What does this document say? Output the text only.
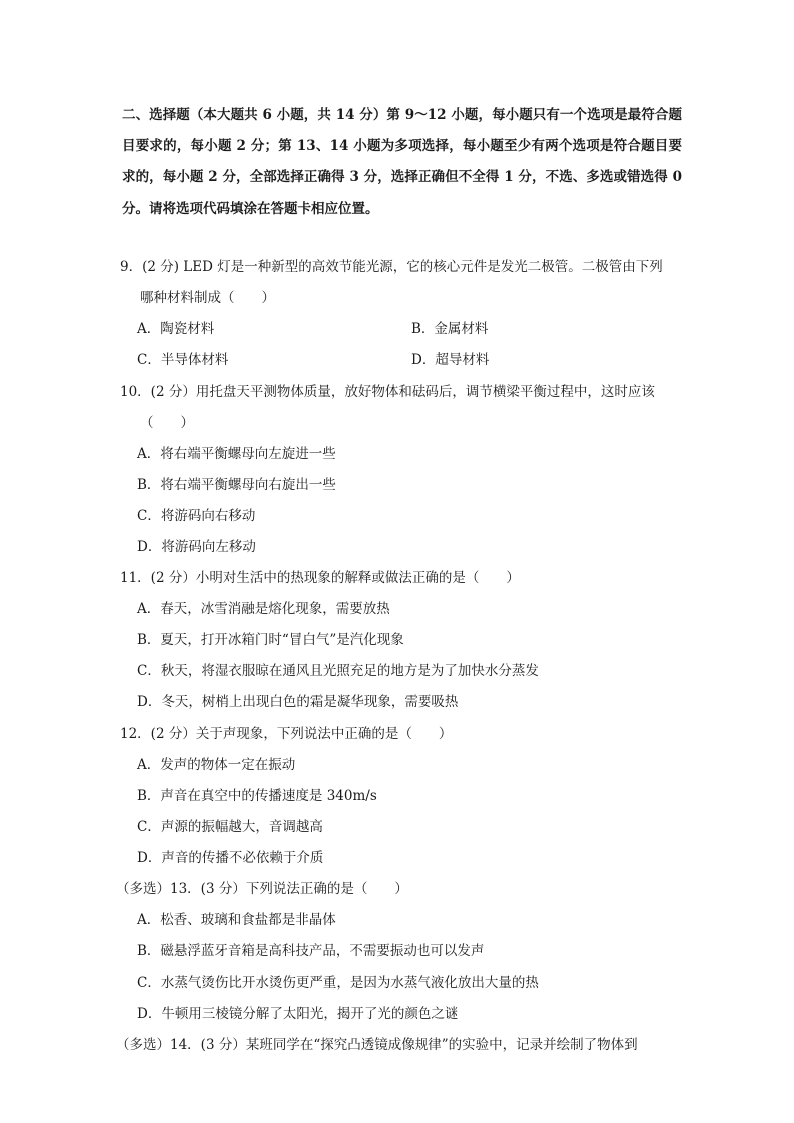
二、选择题（本大题共 6 小题，共 14 分）第 9～12 小题，每小题只有一个选项是最符合题目要求的，每小题 2 分；第 13、14 小题为多项选择，每小题至少有两个选项是符合题目要求的，每小题 2 分，全部选择正确得 3 分，选择正确但不全得 1 分，不选、多选或错选得 0 分。请将选项代码填涂在答题卡相应位置。
9．(2 分) LED 灯是一种新型的高效节能光源，它的核心元件是发光二极管。二极管由下列
哪种材料制成（　　）
A．陶瓷材料	B．金属材料
C．半导体材料	D．超导材料
10．(2 分）用托盘天平测物体质量，放好物体和砝码后，调节横梁平衡过程中，这时应该
（　　）
A．将右端平衡螺母向左旋进一些
B．将右端平衡螺母向右旋出一些
C．将游码向右移动
D．将游码向左移动
11．(2 分）小明对生活中的热现象的解释或做法正确的是（　　）
A．春天，冰雪消融是熔化现象，需要放热
B．夏天，打开冰箱门时“冒白气”是汽化现象
C．秋天，将湿衣服晾在通风且光照充足的地方是为了加快水分蒸发
D．冬天，树梢上出现白色的霜是凝华现象，需要吸热
12．(2 分）关于声现象，下列说法中正确的是（　　）
A．发声的物体一定在振动
B．声音在真空中的传播速度是 340m/s
C．声源的振幅越大，音调越高
D．声音的传播不必依赖于介质
（多选）13．(3 分）下列说法正确的是（　　）
A．松香、玻璃和食盐都是非晶体
B．磁悬浮蓝牙音箱是高科技产品，不需要振动也可以发声
C．水蒸气烫伤比开水烫伤更严重，是因为水蒸气液化放出大量的热
D．牛顿用三棱镜分解了太阳光，揭开了光的颜色之谜
（多选）14．(3 分）某班同学在“探究凸透镜成像规律”的实验中，记录并绘制了物体到
